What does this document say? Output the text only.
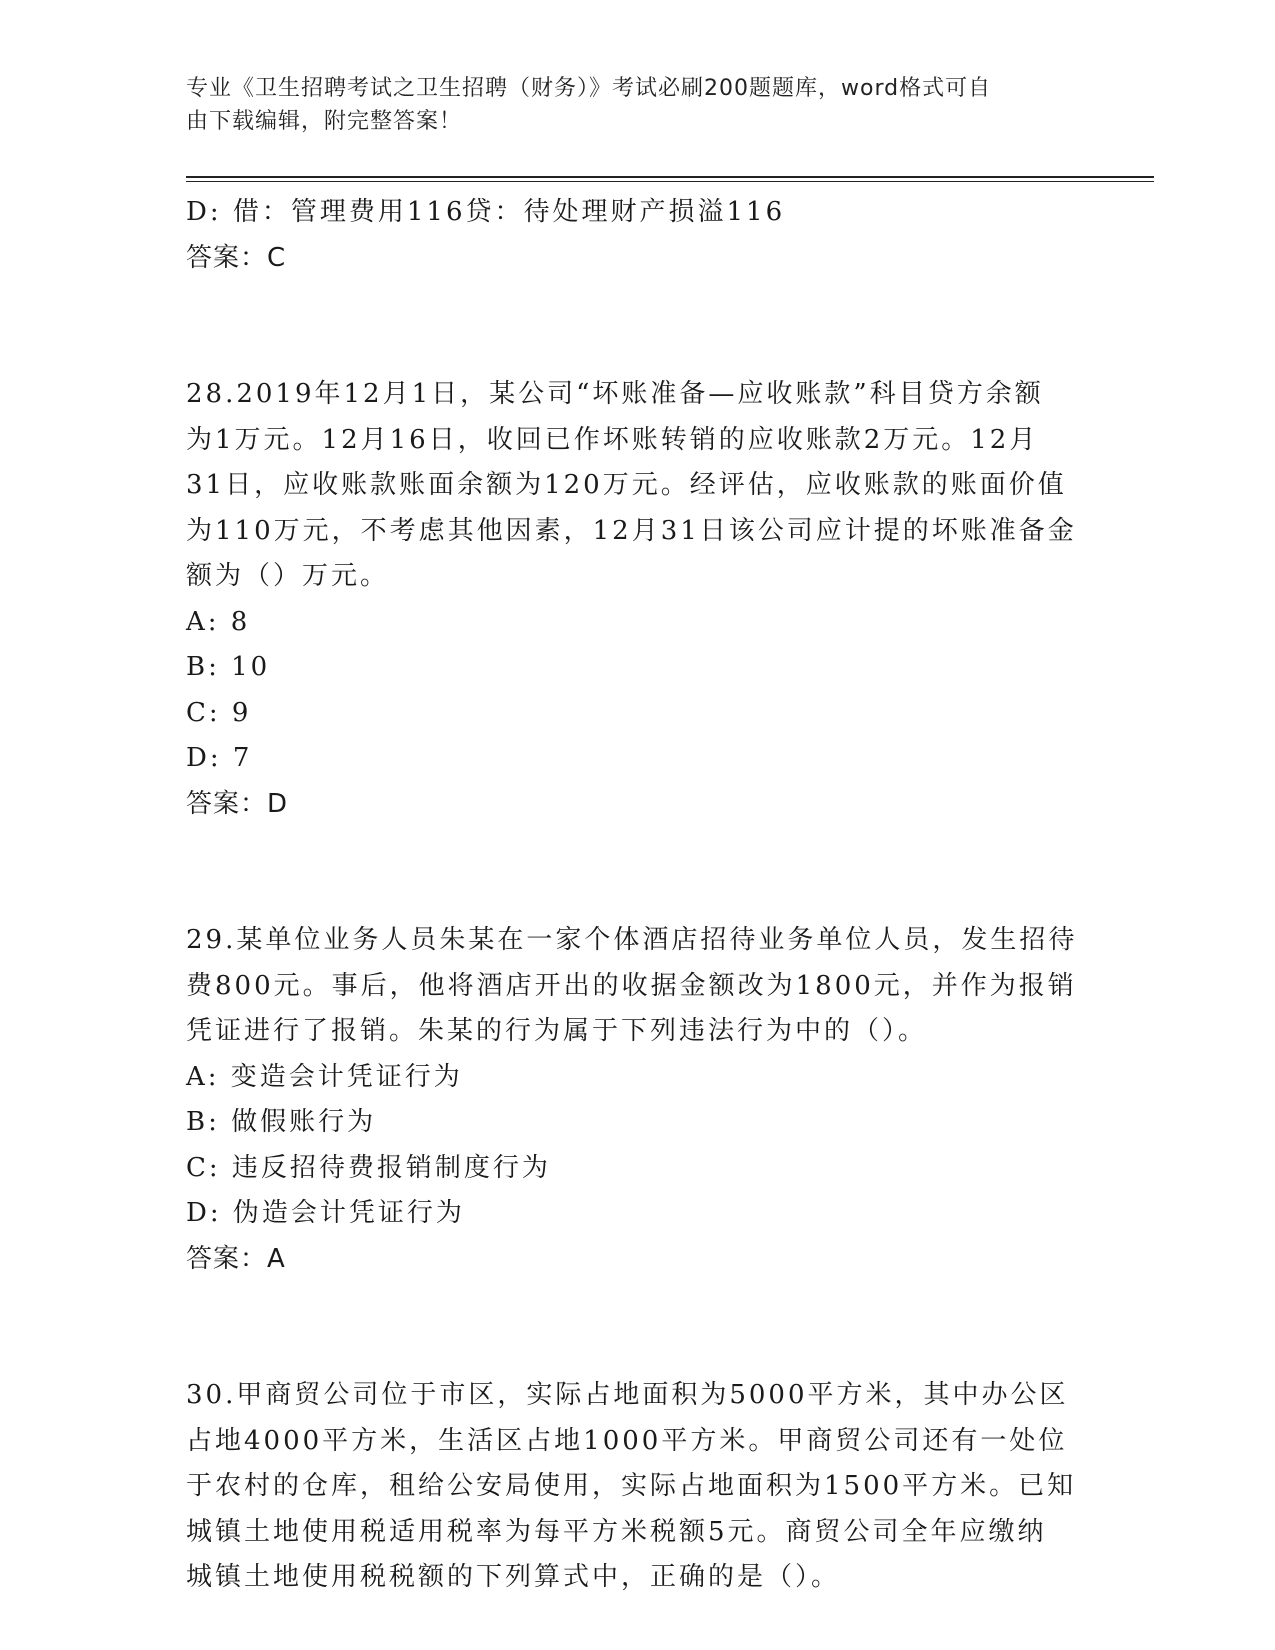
专业《卫生招聘考试之卫生招聘（财务）》考试必刷200题题库，word格式可自
由下载编辑，附完整答案！
D: 借：管理费用116贷：待处理财产损溢116
答案：C
28.2019年12月1日，某公司“坏账准备—应收账款”科目贷方余额
为1万元。12月16日，收回已作坏账转销的应收账款2万元。12月
31日，应收账款账面余额为120万元。经评估，应收账款的账面价值
为110万元，不考虑其他因素，12月31日该公司应计提的坏账准备金
额为（）万元。
A: 8
B: 10
C: 9
D: 7
答案：D
29.某单位业务人员朱某在一家个体酒店招待业务单位人员，发生招待
费800元。事后，他将酒店开出的收据金额改为1800元，并作为报销
凭证进行了报销。朱某的行为属于下列违法行为中的（）。
A: 变造会计凭证行为
B: 做假账行为
C: 违反招待费报销制度行为
D: 伪造会计凭证行为
答案：A
30.甲商贸公司位于市区，实际占地面积为5000平方米，其中办公区
占地4000平方米，生活区占地1000平方米。甲商贸公司还有一处位
于农村的仓库，租给公安局使用，实际占地面积为1500平方米。已知
城镇土地使用税适用税率为每平方米税额5元。商贸公司全年应缴纳
城镇土地使用税税额的下列算式中，正确的是（）。
